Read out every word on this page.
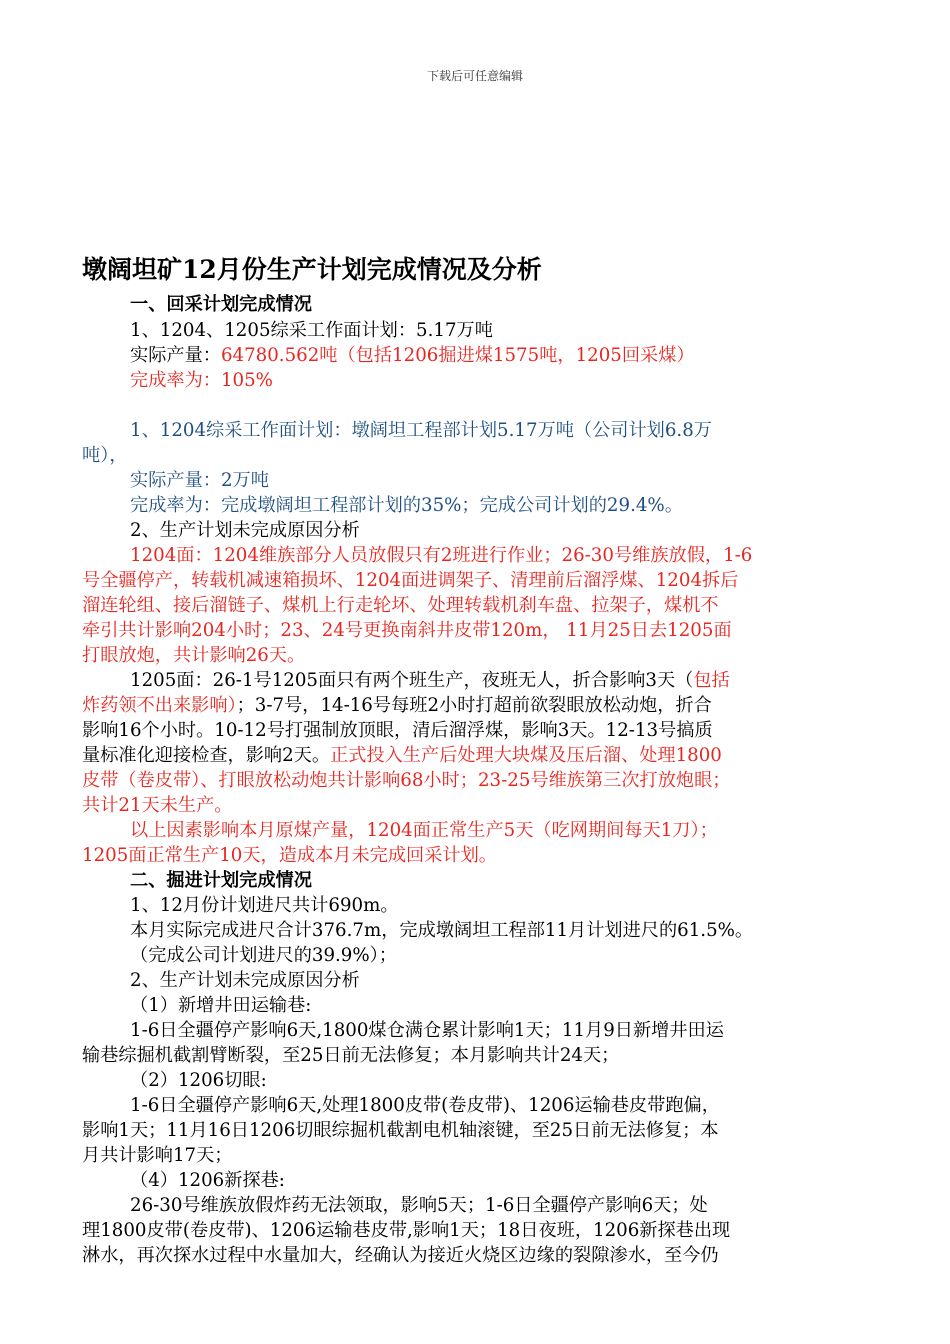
下载后可任意编辑
墩阔坦矿12月份生产计划完成情况及分析
一、回采计划完成情况
1、1204、1205综采工作面计划：5.17万吨
实际产量：64780.562吨（包括1206掘进煤1575吨，1205回采煤）
完成率为：105%
1、1204综采工作面计划：墩阔坦工程部计划5.17万吨（公司计划6.8万
吨），
实际产量：2万吨
完成率为：完成墩阔坦工程部计划的35%；完成公司计划的29.4%。
2、生产计划未完成原因分析
1204面：1204维族部分人员放假只有2班进行作业；26-30号维族放假，1-6
号全疆停产，转载机减速箱损坏、1204面进调架子、清理前后溜浮煤、1204拆后
溜连轮组、接后溜链子、煤机上行走轮坏、处理转载机刹车盘、拉架子，煤机不
牵引共计影响204小时；23、24号更换南斜井皮带120m， 11月25日去1205面
打眼放炮，共计影响26天。
1205面：26-1号1205面只有两个班生产，夜班无人，折合影响3天（包括
炸药领不出来影响）；3-7号，14-16号每班2小时打超前欲裂眼放松动炮，折合
影响16个小时。10-12号打强制放顶眼，清后溜浮煤，影响3天。12-13号搞质
量标准化迎接检查，影响2天。正式投入生产后处理大块煤及压后溜、处理1800
皮带（卷皮带）、打眼放松动炮共计影响68小时；23-25号维族第三次打放炮眼；
共计21天未生产。
以上因素影响本月原煤产量，1204面正常生产5天（吃网期间每天1刀）；
1205面正常生产10天，造成本月未完成回采计划。
二、掘进计划完成情况
1、12月份计划进尺共计690m。
本月实际完成进尺合计376.7m，完成墩阔坦工程部11月计划进尺的61.5%。
（完成公司计划进尺的39.9%）；
2、生产计划未完成原因分析
（1）新增井田运输巷:
1-6日全疆停产影响6天,1800煤仓满仓累计影响1天；11月9日新增井田运
输巷综掘机截割臂断裂，至25日前无法修复；本月影响共计24天；
（2）1206切眼:
1-6日全疆停产影响6天,处理1800皮带(卷皮带)、1206运输巷皮带跑偏，
影响1天；11月16日1206切眼综掘机截割电机轴滚键，至25日前无法修复；本
月共计影响17天；
（4）1206新探巷:
26-30号维族放假炸药无法领取，影响5天；1-6日全疆停产影响6天；处
理1800皮带(卷皮带)、1206运输巷皮带,影响1天；18日夜班，1206新探巷出现
淋水，再次探水过程中水量加大，经确认为接近火烧区边缘的裂隙渗水，至今仍
